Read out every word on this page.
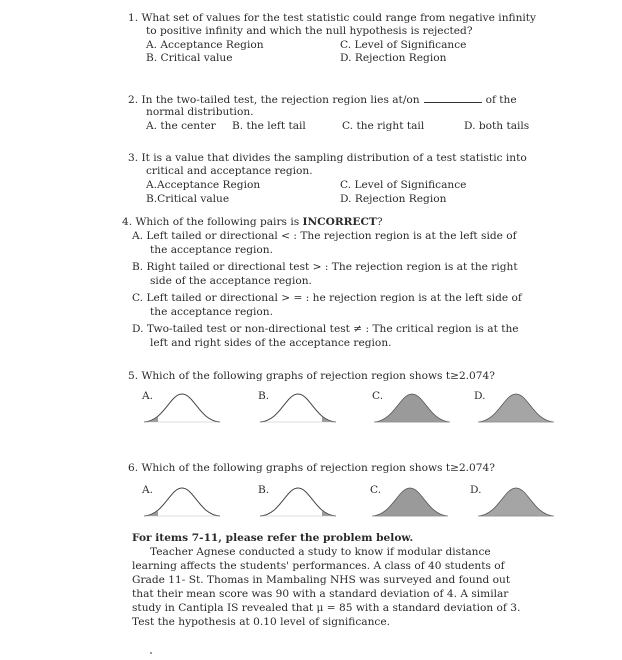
1. What set of values for the test statistic could range from negative infinity
to positive infinity and which the null hypothesis is rejected?
A. Acceptance Region
B. Critical value
C. Level of Significance
D. Rejection Region
2. In the two-tailed test, the rejection region lies at/on	of the
normal distribution.
A. the center B. the left tail	C. the right tail	D. both tails
3. It is a value that divides the sampling distribution of a test statistic into
critical and acceptance region.
A.Acceptance Region
B.Critical value
C. Level of Significance
D. Rejection Region
4. Which of the following pairs is INCORRECT?
A. Left tailed or directional < : The rejection region is at the left side of
the acceptance region.
B. Right tailed or directional test > : The rejection region is at the right
side of the acceptance region.
C. Left tailed or directional > = : he rejection region is at the left side of
the acceptance region.
D. Two-tailed test or non-directional test ≠ : The critical region is at the
left and right sides of the acceptance region.
5. Which of the following graphs of rejection region shows t≥2.074?
A.	B.	C.	D.
6. Which of the following graphs of rejection region shows t≥2.074?
A.	B.	C.	D.
For items 7-11, please refer the problem below.
Teacher Agnese conducted a study to know if modular distance
learning affects the students' performances. A class of 40 students of
Grade 11- St. Thomas in Mambaling NHS was surveyed and found out
that their mean score was 90 with a standard deviation of 4. A similar
study in Cantipla IS revealed that μ = 85 with a standard deviation of 3.
Test the hypothesis at 0.10 level of significance.
